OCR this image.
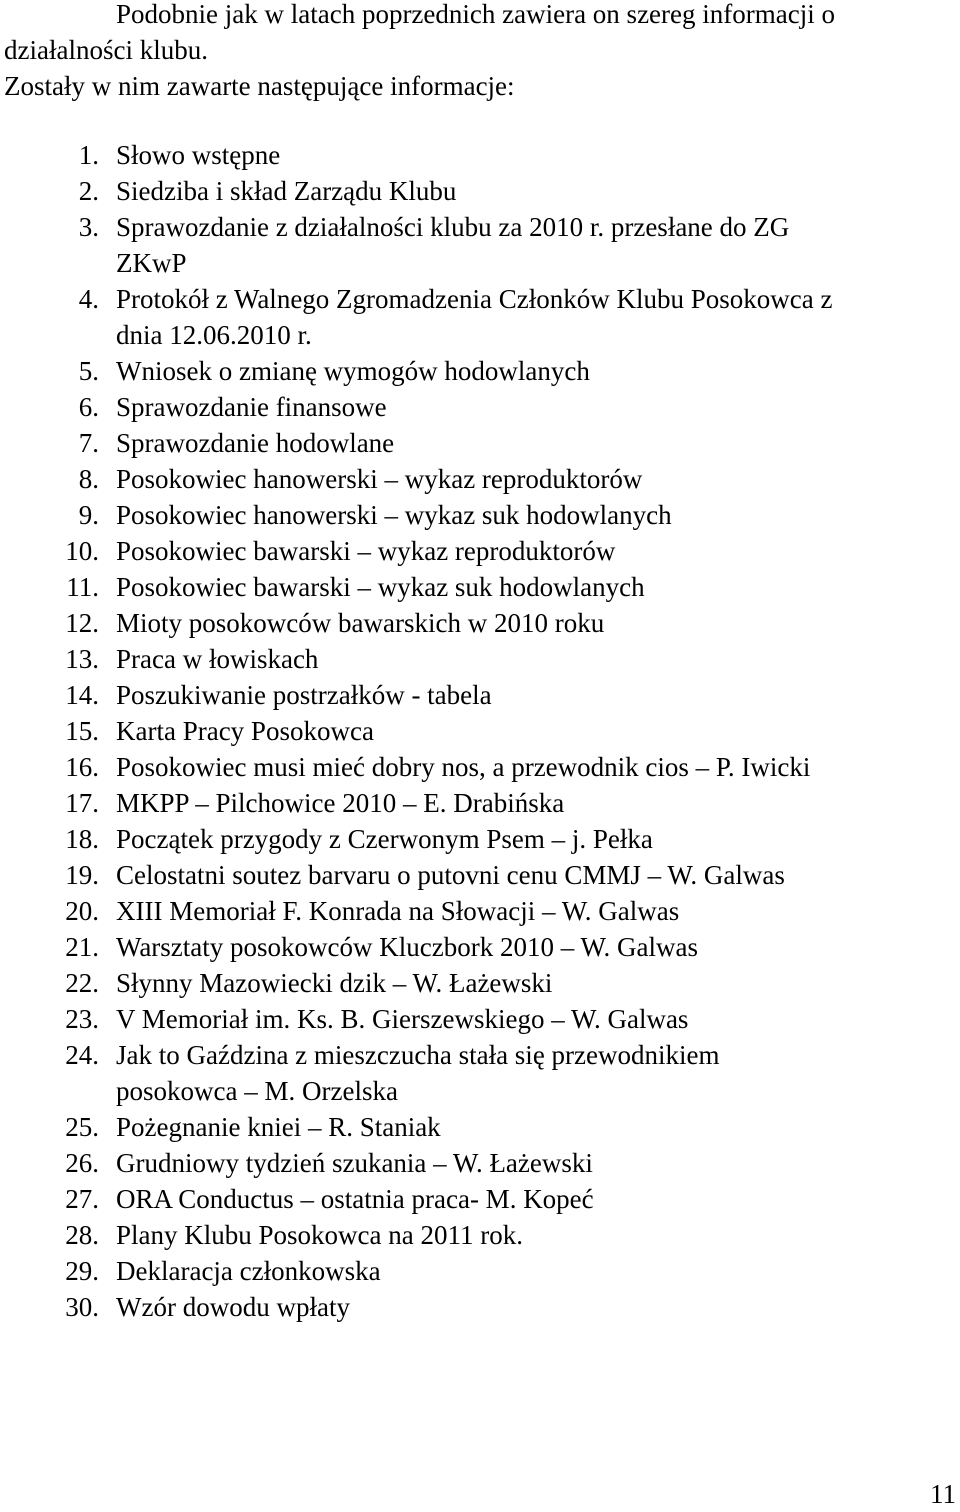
Podobnie jak w latach poprzednich zawiera on szereg informacji o
działalności klubu.
Zostały w nim zawarte następujące informacje:
1. Słowo wstępne
2. Siedziba i skład Zarządu Klubu
3. Sprawozdanie z działalności klubu za 2010 r. przesłane do ZG
ZKwP
4. Protokół z Walnego Zgromadzenia Członków Klubu Posokowca z
dnia 12.06.2010 r.
5. Wniosek o zmianę wymogów hodowlanych
6. Sprawozdanie finansowe
7. Sprawozdanie hodowlane
8. Posokowiec hanowerski – wykaz reproduktorów
9. Posokowiec hanowerski – wykaz suk hodowlanych
10. Posokowiec bawarski – wykaz reproduktorów
11. Posokowiec bawarski – wykaz suk hodowlanych
12. Mioty posokowców bawarskich w 2010 roku
13. Praca w łowiskach
14. Poszukiwanie postrzałków - tabela
15. Karta Pracy Posokowca
16. Posokowiec musi mieć dobry nos, a przewodnik cios – P. Iwicki
17. MKPP – Pilchowice 2010 – E. Drabińska
18. Początek przygody z Czerwonym Psem – j. Pełka
19. Celostatni soutez barvaru o putovni cenu CMMJ – W. Galwas
20. XIII Memoriał F. Konrada na Słowacji – W. Galwas
21. Warsztaty posokowców Kluczbork 2010 – W. Galwas
22. Słynny Mazowiecki dzik – W. Łażewski
23. V Memoriał im. Ks. B. Gierszewskiego – W. Galwas
24. Jak to Gaździna z mieszczucha stała się przewodnikiem
posokowca – M. Orzelska
25. Pożegnanie kniei – R. Staniak
26. Grudniowy tydzień szukania – W. Łażewski
27. ORA Conductus – ostatnia praca- M. Kopeć
28. Plany Klubu Posokowca na 2011 rok.
29. Deklaracja członkowska
30. Wzór dowodu wpłaty
11
